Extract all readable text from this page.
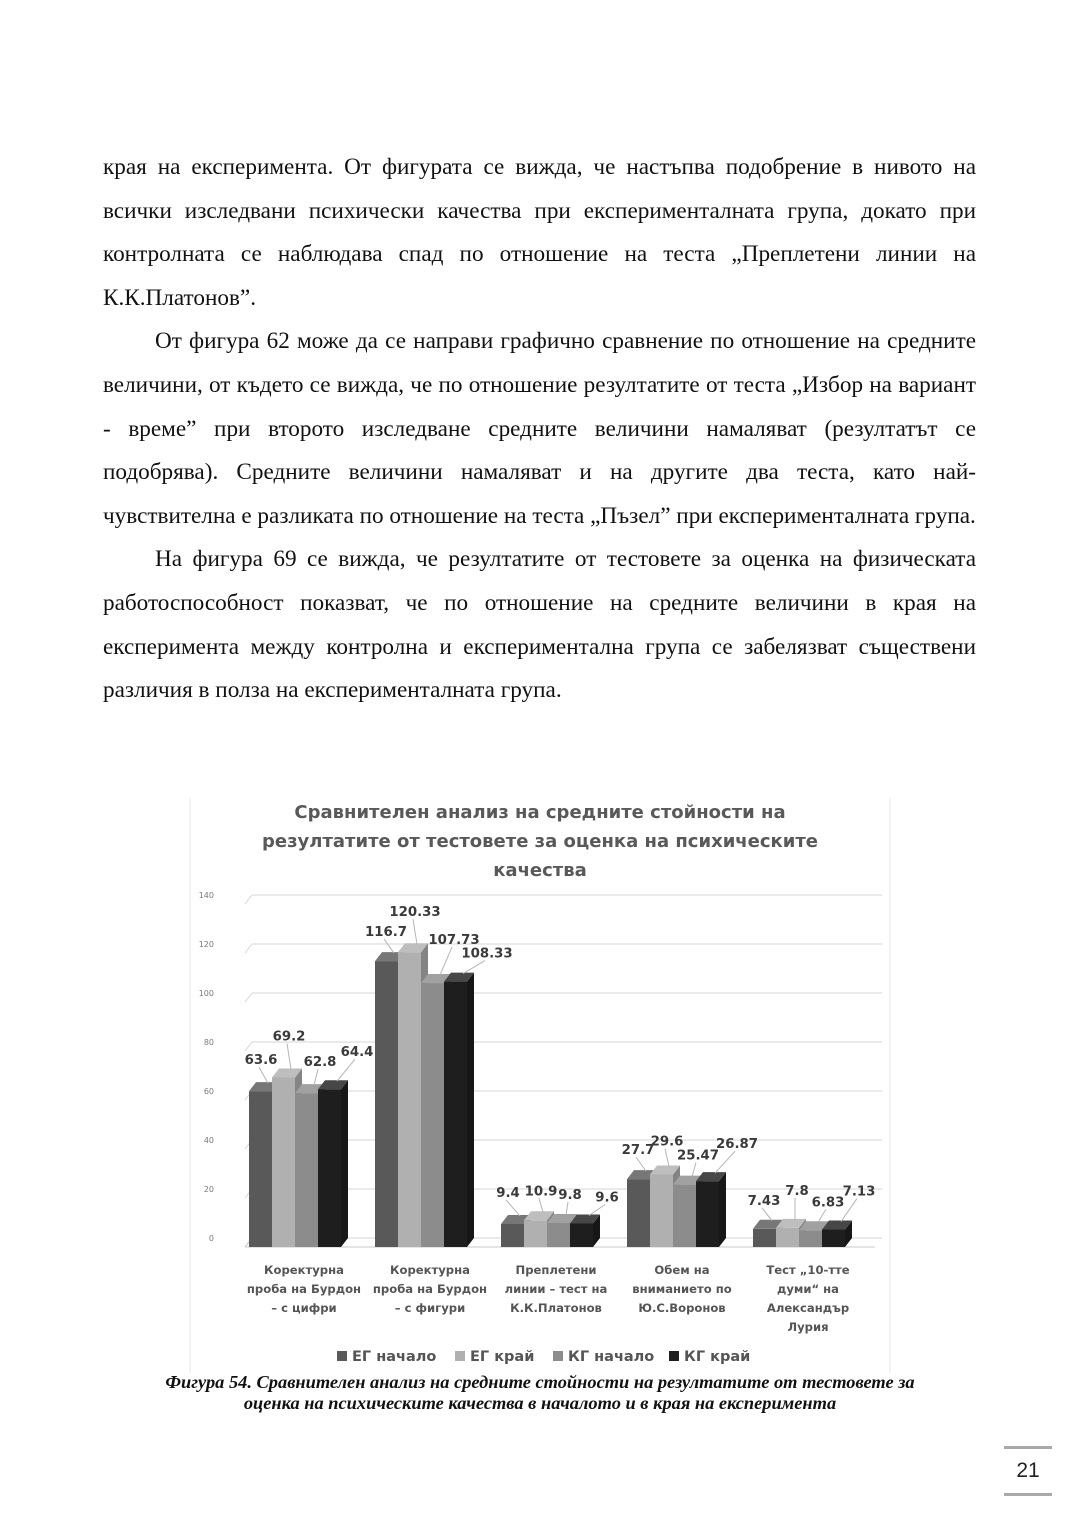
края на експеримента. От фигурата се вижда, че настъпва подобрение в нивото на всички изследвани психически качества при експерименталната група, докато при контролната се наблюдава спад по отношение на теста „Преплетени линии на К.К.Платонов”.

От фигура 62 може да се направи графично сравнение по отношение на средните величини, от където се вижда, че по отношение резултатите от теста „Избор на вариант - време” при второто изследване средните величини намаляват (резултатът се подобрява). Средните величини намаляват и на другите два теста, като най-чувствителна е разликата по отношение на теста „Пъзел” при експерименталната група.

На фигура 69 се вижда, че резултатите от тестовете за оценка на физическата работоспособност показват, че по отношение на средните величини в края на експеримента между контролна и експериментална група се забелязват съществени различия в полза на експерименталната група.

Сравнителен анализ на средните стойности на
резултатите от тестовете за оценка на психическите
качества
0
20
40
60
80
100
120
140
63.6
69.2
62.8
64.4
Коректурна
проба на Бурдон
– с цифри
116.7
120.33
107.73
108.33
Коректурна
проба на Бурдон
– с фигури
9.4 10.9 9.8 9.6
Преплетени
линии – тест на
К.К.Платонов
27.7
29.6
25.47
26.87
Обем на
вниманието по
Ю.С.Воронов
7.43
7.8
6.83
7.13
Тест „10-тте
думи“ на
Александър
Лурия
ЕГ начало ЕГ край КГ начало КГ край
Фигура 54. Сравнителен анализ на средните стойности на резултатите от тестовете за
оценка на психическите качества в началото и в края на експеримента
21
